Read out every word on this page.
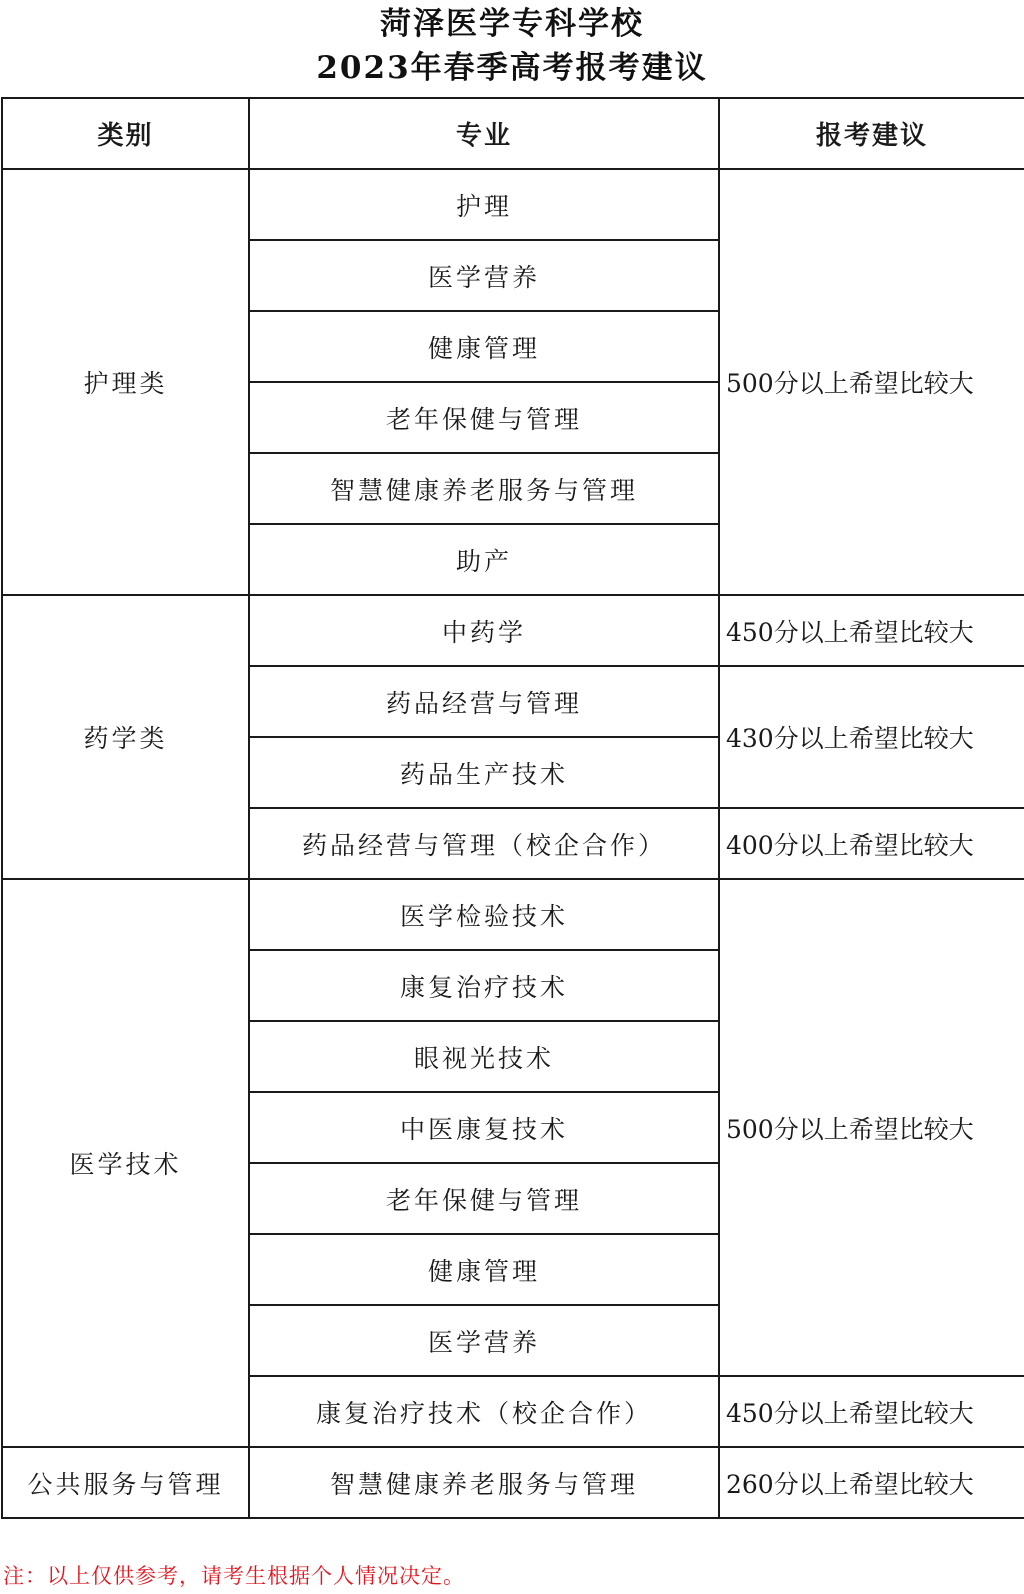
菏泽医学专科学校
2023年春季高考报考建议
类别	专业	报考建议
护理类	护理	500分以上希望比较大
	医学营养	
	健康管理	
	老年保健与管理	
	智慧健康养老服务与管理	
	助产	
药学类	中药学	450分以上希望比较大
	药品经营与管理	430分以上希望比较大
	药品生产技术	
	药品经营与管理（校企合作）	400分以上希望比较大
医学技术	医学检验技术	500分以上希望比较大
	康复治疗技术	
	眼视光技术	
	中医康复技术	
	老年保健与管理	
	健康管理	
	医学营养	
	康复治疗技术（校企合作）	450分以上希望比较大
公共服务与管理	智慧健康养老服务与管理	260分以上希望比较大
注：以上仅供参考，请考生根据个人情况决定。
